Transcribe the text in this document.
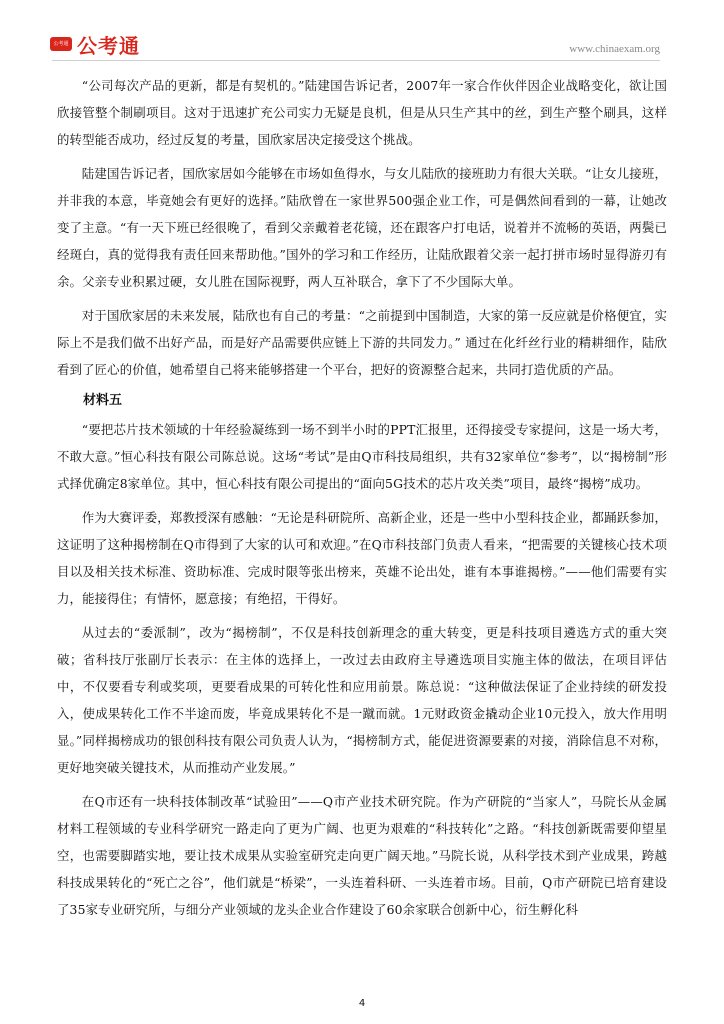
公考通 公考通	www.chinaexam.org

“公司每次产品的更新，都是有契机的。”陆建国告诉记者，2007年一家合作伙伴因企业战略变化，欲让国欣接管整个制刷项目。这对于迅速扩充公司实力无疑是良机，但是从只生产其中的丝，到生产整个刷具，这样的转型能否成功，经过反复的考量，国欣家居决定接受这个挑战。

陆建国告诉记者，国欣家居如今能够在市场如鱼得水，与女儿陆欣的接班助力有很大关联。“让女儿接班，并非我的本意，毕竟她会有更好的选择。”陆欣曾在一家世界500强企业工作，可是偶然间看到的一幕，让她改变了主意。“有一天下班已经很晚了，看到父亲戴着老花镜，还在跟客户打电话，说着并不流畅的英语，两鬓已经斑白，真的觉得我有责任回来帮助他。”国外的学习和工作经历，让陆欣跟着父亲一起打拼市场时显得游刃有余。父亲专业积累过硬，女儿胜在国际视野，两人互补联合，拿下了不少国际大单。

对于国欣家居的未来发展，陆欣也有自己的考量：“之前提到中国制造，大家的第一反应就是价格便宜，实际上不是我们做不出好产品，而是好产品需要供应链上下游的共同发力。” 通过在化纤丝行业的精耕细作，陆欣看到了匠心的价值，她希望自己将来能够搭建一个平台，把好的资源整合起来，共同打造优质的产品。

材料五

“要把芯片技术领域的十年经验凝练到一场不到半小时的PPT汇报里，还得接受专家提问，这是一场大考，不敢大意。”恒心科技有限公司陈总说。这场“考试”是由Q市科技局组织，共有32家单位“参考”，以“揭榜制”形式择优确定8家单位。其中，恒心科技有限公司提出的“面向5G技术的芯片攻关类”项目，最终“揭榜”成功。

作为大赛评委，郑教授深有感触：“无论是科研院所、高新企业，还是一些中小型科技企业，都踊跃参加，这证明了这种揭榜制在Q市得到了大家的认可和欢迎。”在Q市科技部门负责人看来，“把需要的关键核心技术项目以及相关技术标准、资助标准、完成时限等张出榜来，英雄不论出处，谁有本事谁揭榜。”——他们需要有实力，能接得住；有情怀，愿意接；有绝招，干得好。

从过去的“委派制”，改为“揭榜制”，不仅是科技创新理念的重大转变，更是科技项目遴选方式的重大突破；省科技厅张副厅长表示：在主体的选择上，一改过去由政府主导遴选项目实施主体的做法，在项目评估中，不仅要看专利或奖项，更要看成果的可转化性和应用前景。陈总说：“这种做法保证了企业持续的研发投入，使成果转化工作不半途而废，毕竟成果转化不是一蹴而就。1元财政资金撬动企业10元投入，放大作用明显。”同样揭榜成功的银创科技有限公司负责人认为，“揭榜制方式，能促进资源要素的对接，消除信息不对称，更好地突破关键技术，从而推动产业发展。”

在Q市还有一块科技体制改革“试验田”——Q市产业技术研究院。作为产研院的“当家人”，马院长从金属材料工程领域的专业科学研究一路走向了更为广阔、也更为艰难的“科技转化”之路。“科技创新既需要仰望星空，也需要脚踏实地，要让技术成果从实验室研究走向更广阔天地。”马院长说，从科学技术到产业成果，跨越科技成果转化的“死亡之谷”，他们就是“桥梁”，一头连着科研、一头连着市场。目前，Q市产研院已培育建设了35家专业研究所，与细分产业领域的龙头企业合作建设了60余家联合创新中心，衍生孵化科

4
